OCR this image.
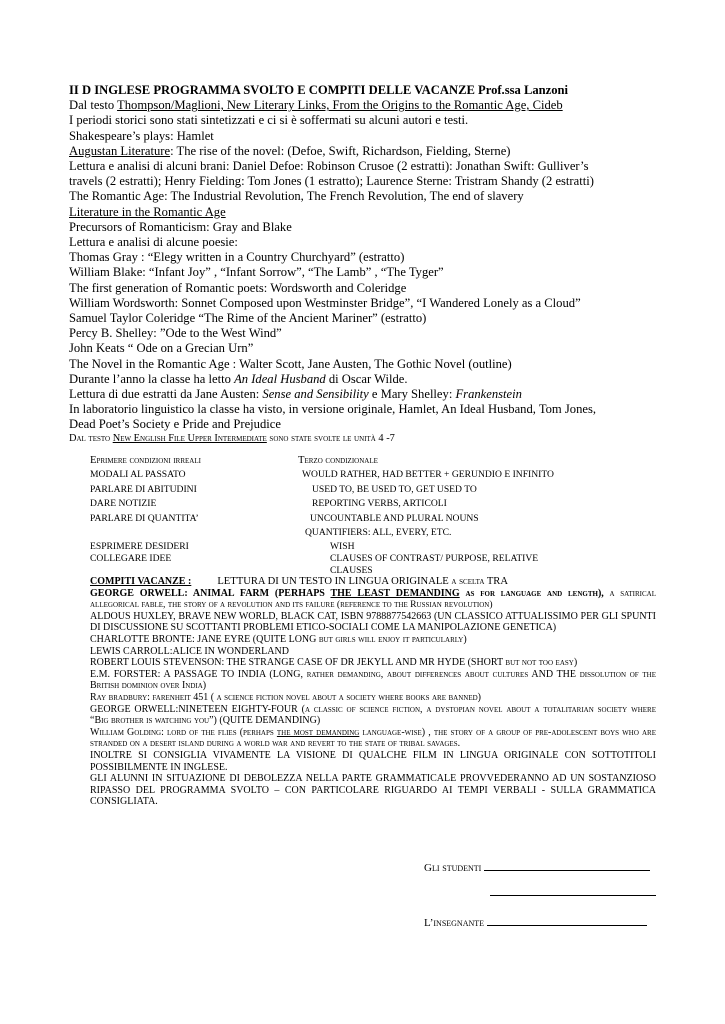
II D INGLESE PROGRAMMA SVOLTO E COMPITI DELLE VACANZE Prof.ssa Lanzoni
Dal testo Thompson/Maglioni, New Literary Links, From the Origins to the Romantic Age, Cideb
I periodi storici sono stati sintetizzati e ci si è soffermati su alcuni autori e testi.
Shakespeare’s plays: Hamlet
Augustan Literature: The rise of the novel: (Defoe, Swift, Richardson, Fielding, Sterne)
Lettura e analisi di alcuni brani: Daniel Defoe: Robinson Crusoe (2 estratti): Jonathan Swift: Gulliver’s
travels (2 estratti); Henry Fielding: Tom Jones (1 estratto); Laurence Sterne: Tristram Shandy (2 estratti)
The Romantic Age: The Industrial Revolution, The French Revolution, The end of slavery
Literature in the Romantic Age
Precursors of Romanticism: Gray and Blake
Lettura e analisi di alcune poesie:
Thomas Gray : “Elegy written in a Country Churchyard” (estratto)
William Blake: “Infant Joy” , “Infant Sorrow”, “The Lamb” , “The Tyger”
The first generation of Romantic poets: Wordsworth and Coleridge
William Wordsworth: Sonnet Composed upon Westminster Bridge”, “I Wandered Lonely as a Cloud”
Samuel Taylor Coleridge “The Rime of the Ancient Mariner” (estratto)
Percy B. Shelley: ”Ode to the West Wind”
John Keats “ Ode on a Grecian Urn”
The Novel in the Romantic Age : Walter Scott, Jane Austen, The Gothic Novel (outline)
Durante l’anno la classe ha letto An Ideal Husband di Oscar Wilde.
Lettura di due estratti da Jane Austen: Sense and Sensibility e Mary Shelley: Frankenstein
In laboratorio linguistico la classe ha visto, in versione originale, Hamlet, An Ideal Husband, Tom Jones,
Dead Poet’s Society e Pride and Prejudice
Dal testo New English File Upper Intermediate sono state svolte le unità 4 -7
Eprimere condizioni irreali	Terzo condizionale
MODALI AL PASSATO	WOULD RATHER, HAD BETTER + GERUNDIO E INFINITO
PARLARE DI ABITUDINI	USED TO, BE USED TO, GET USED TO
DARE NOTIZIE	REPORTING VERBS, ARTICOLI
PARLARE DI QUANTITA’	UNCOUNTABLE AND PLURAL NOUNS
QUANTIFIERS: ALL, EVERY, ETC.
ESPRIMERE DESIDERI	WISH
COLLEGARE IDEE	CLAUSES OF CONTRAST/ PURPOSE, RELATIVE
CLAUSES

COMPITI VACANZE : LETTURA DI UN TESTO IN LINGUA ORIGINALE a scelta TRA

GEORGE ORWELL: ANIMAL FARM (PERHAPS THE LEAST DEMANDING as for language and length), a satirical allegorical fable, the story of a revolution and its failure (reference to the Russian revolution)

ALDOUS HUXLEY, BRAVE NEW WORLD, BLACK CAT, ISBN 9788877542663 (UN CLASSICO ATTUALISSIMO PER GLI SPUNTI DI DISCUSSIONE SU SCOTTANTI PROBLEMI ETICO-SOCIALI COME LA MANIPOLAZIONE GENETICA)

CHARLOTTE BRONTE: JANE EYRE (QUITE LONG but girls will enjoy it particularly)

LEWIS CARROLL:ALICE IN WONDERLAND

ROBERT LOUIS STEVENSON: THE STRANGE CASE OF DR JEKYLL AND MR HYDE (SHORT but not too easy)

E.M. FORSTER: A PASSAGE TO INDIA (LONG, rather demanding, about differences about cultures AND THE dissolution of the British dominion over India)

Ray bradbury: farenheit 451 ( a science fiction novel about a society where books are banned)

GEORGE ORWELL:NINETEEN EIGHTY-FOUR (a classic of science fiction, a dystopian novel about a totalitarian society where “Big brother is watching you”) (QUITE DEMANDING)

William Golding: lord of the flies (perhaps the most demanding language-wise) , the story of a group of pre-adolescent boys who are stranded on a desert island during a world war and revert to the state of tribal savages.

INOLTRE SI CONSIGLIA VIVAMENTE LA VISIONE DI QUALCHE FILM IN LINGUA ORIGINALE CON SOTTOTITOLI POSSIBILMENTE IN INGLESE.

GLI ALUNNI IN SITUAZIONE DI DEBOLEZZA NELLA PARTE GRAMMATICALE PROVVEDERANNO AD UN SOSTANZIOSO RIPASSO DEL PROGRAMMA SVOLTO – CON PARTICOLARE RIGUARDO AI TEMPI VERBALI - SULLA GRAMMATICA CONSIGLIATA.

Gli studenti
L’insegnante
